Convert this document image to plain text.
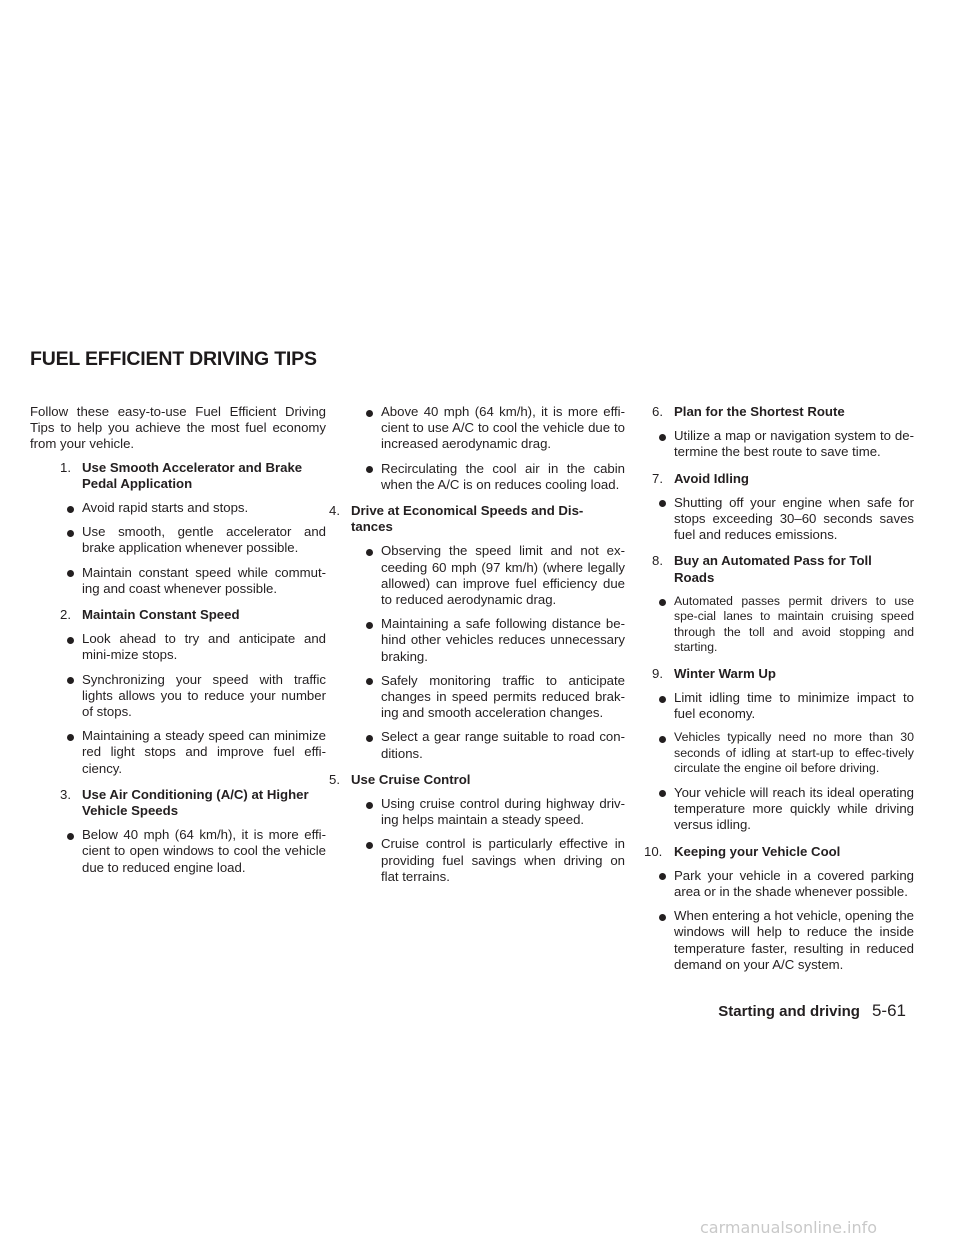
FUEL EFFICIENT DRIVING TIPS

Follow these easy-to-use Fuel Efficient Driving Tips to help you achieve the most fuel economy from your vehicle.

1. Use Smooth Accelerator and Brake Pedal Application
Avoid rapid starts and stops.
Use smooth, gentle accelerator and brake application whenever possible.
Maintain constant speed while commut-ing and coast whenever possible.
2. Maintain Constant Speed
Look ahead to try and anticipate and mini-mize stops.
Synchronizing your speed with traffic lights allows you to reduce your number of stops.
Maintaining a steady speed can minimize red light stops and improve fuel effi-ciency.
3. Use Air Conditioning (A/C) at Higher Vehicle Speeds
Below 40 mph (64 km/h), it is more effi-cient to open windows to cool the vehicle due to reduced engine load.
Above 40 mph (64 km/h), it is more effi-cient to use A/C to cool the vehicle due to increased aerodynamic drag.
Recirculating the cool air in the cabin when the A/C is on reduces cooling load.
4. Drive at Economical Speeds and Dis-tances
Observing the speed limit and not ex-ceeding 60 mph (97 km/h) (where legally allowed) can improve fuel efficiency due to reduced aerodynamic drag.
Maintaining a safe following distance be-hind other vehicles reduces unnecessary braking.
Safely monitoring traffic to anticipate changes in speed permits reduced brak-ing and smooth acceleration changes.
Select a gear range suitable to road con-ditions.
5. Use Cruise Control
Using cruise control during highway driv-ing helps maintain a steady speed.
Cruise control is particularly effective in providing fuel savings when driving on flat terrains.
6. Plan for the Shortest Route
Utilize a map or navigation system to de-termine the best route to save time.
7. Avoid Idling
Shutting off your engine when safe for stops exceeding 30–60 seconds saves fuel and reduces emissions.
8. Buy an Automated Pass for Toll Roads
Automated passes permit drivers to use spe-cial lanes to maintain cruising speed through the toll and avoid stopping and starting.
9. Winter Warm Up
Limit idling time to minimize impact to fuel economy.
Vehicles typically need no more than 30 seconds of idling at start-up to effec-tively circulate the engine oil before driving.
Your vehicle will reach its ideal operating temperature more quickly while driving versus idling.
10. Keeping your Vehicle Cool
Park your vehicle in a covered parking area or in the shade whenever possible.
When entering a hot vehicle, opening the windows will help to reduce the inside temperature faster, resulting in reduced demand on your A/C system.
Starting and driving 5-61
carmanualsonline.info
